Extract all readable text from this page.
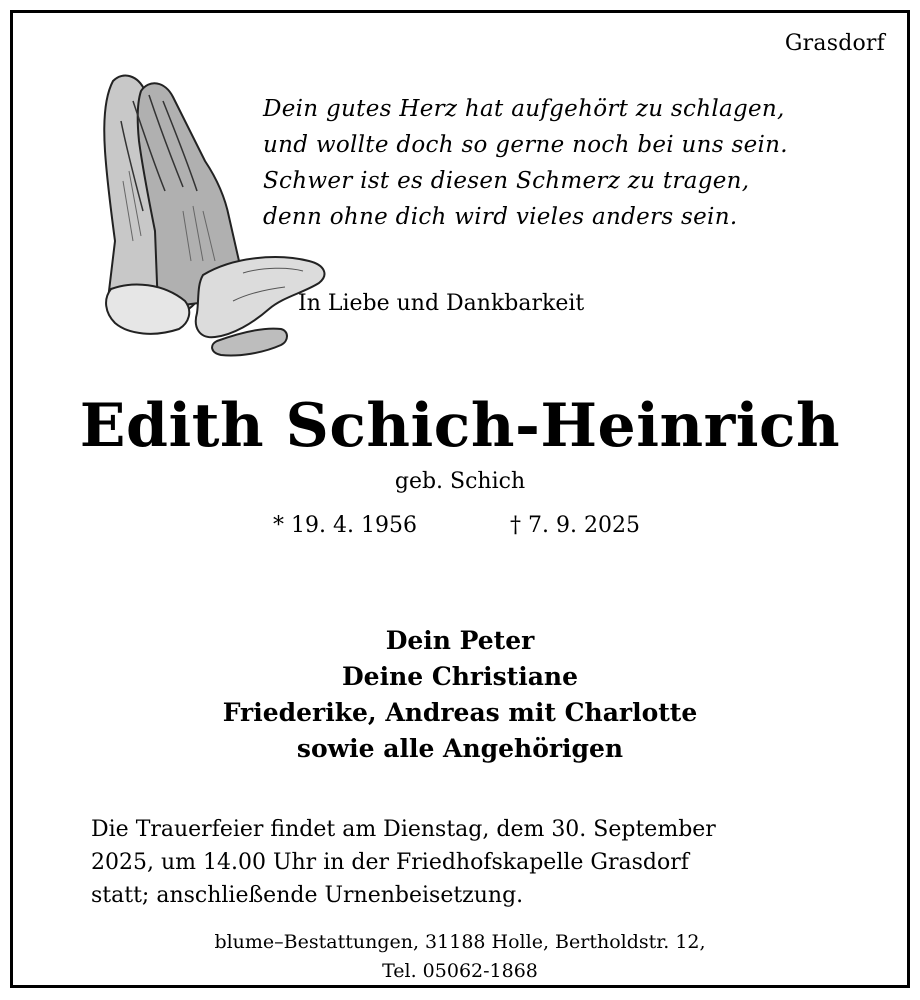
Grasdorf
Dein gutes Herz hat aufgehört zu schlagen,
und wollte doch so gerne noch bei uns sein.
Schwer ist es diesen Schmerz zu tragen,
denn ohne dich wird vieles anders sein.
In Liebe und Dankbarkeit
Edith Schich-Heinrich
geb. Schich
* 19. 4. 1956	† 7. 9. 2025
Dein Peter
Deine Christiane
Friederike, Andreas mit Charlotte
sowie alle Angehörigen
Die Trauerfeier findet am Dienstag, dem 30. September
2025, um 14.00 Uhr in der Friedhofskapelle Grasdorf
statt; anschließende Urnenbeisetzung.
blume–Bestattungen, 31188 Holle, Bertholdstr. 12,
Tel. 05062-1868
